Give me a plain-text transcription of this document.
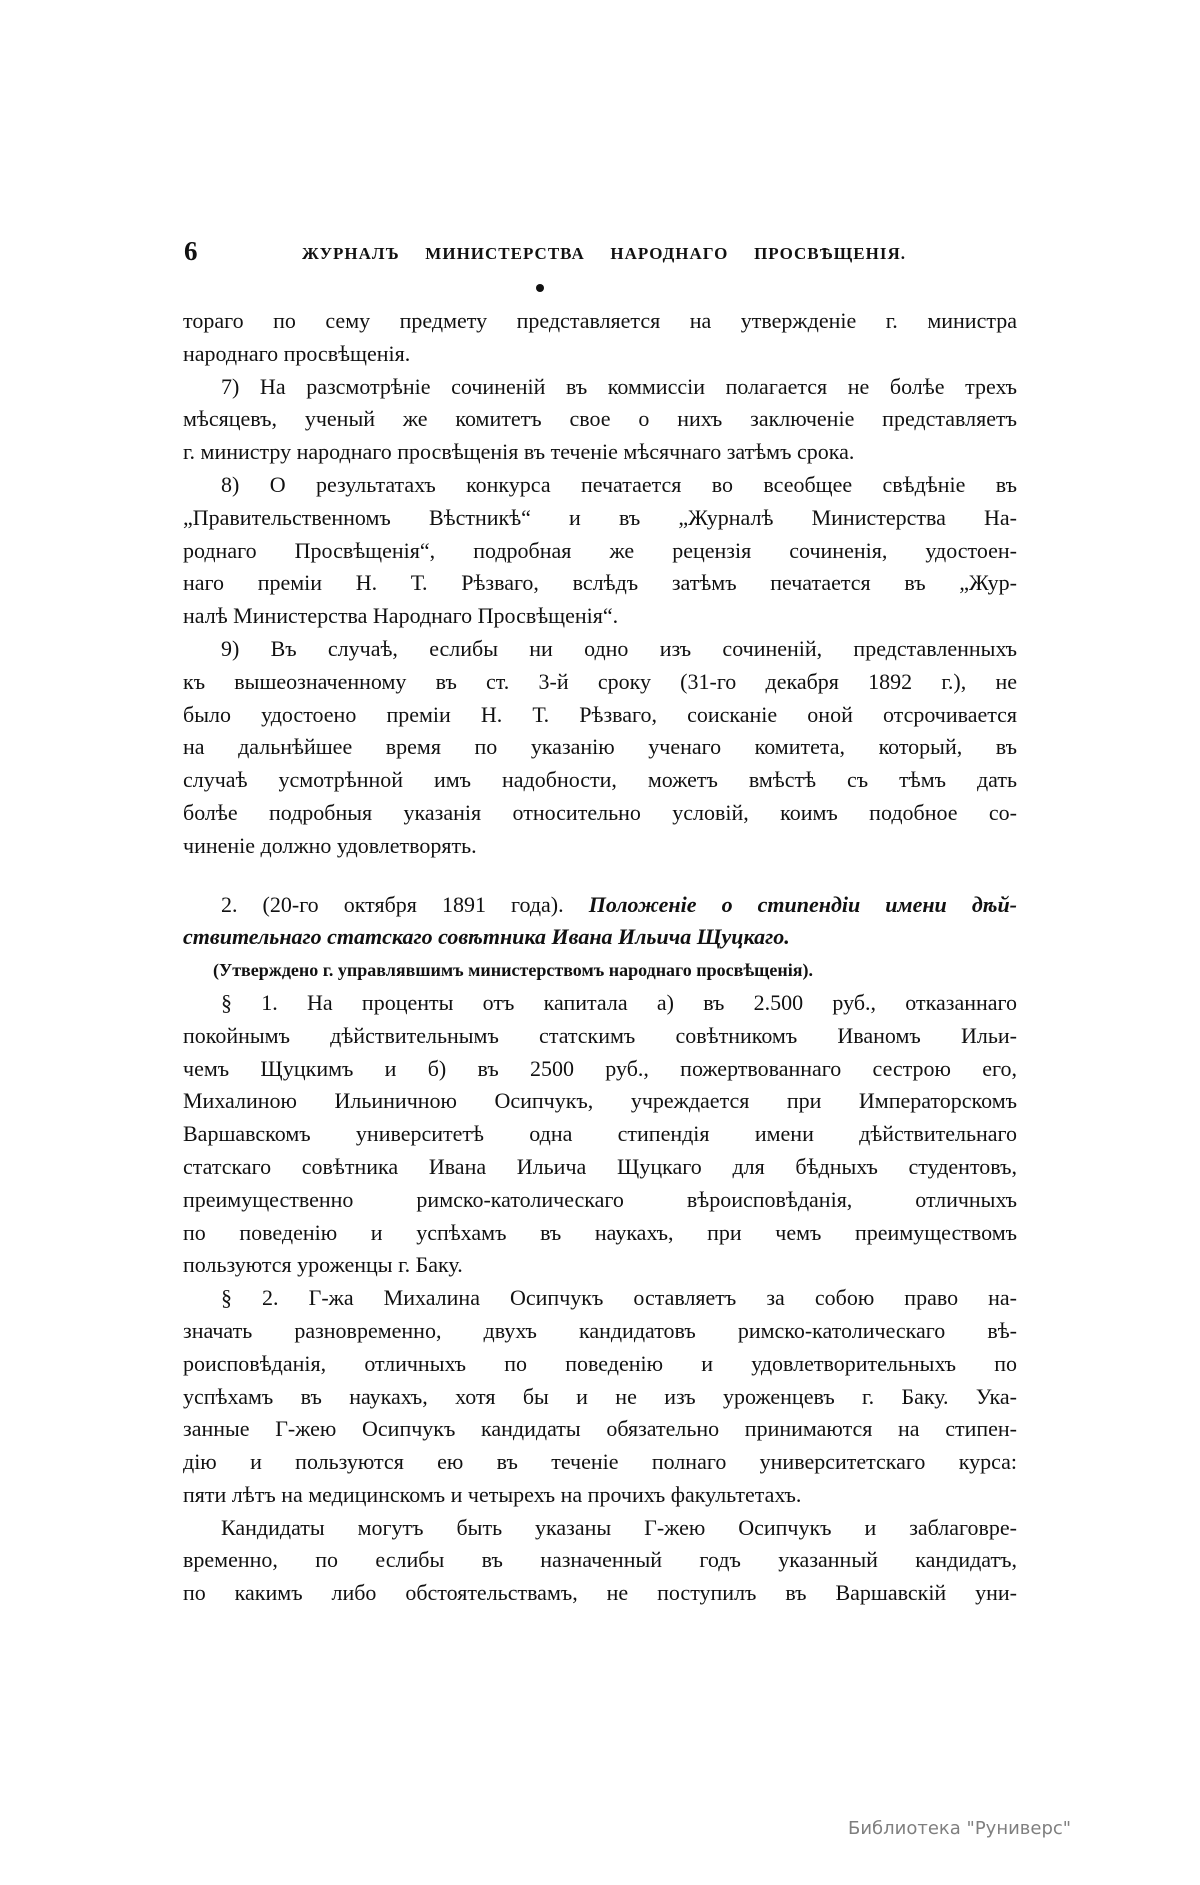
6	ЖУРНАЛЪ МИНИСТЕРСТВА НАРОДНАГО ПРОСВѢЩЕНІЯ.
тораго по сему предмету представляется на утвержденіе г. министра
народнаго просвѣщенія.
7) На разсмотрѣніе сочиненій въ коммиссіи полагается не болѣе трехъ
мѣсяцевъ, ученый же комитетъ свое о нихъ заключеніе представляетъ
г. министру народнаго просвѣщенія въ теченіе мѣсячнаго затѣмъ срока.
8) О результатахъ конкурса печатается во всеобщее свѣдѣніе въ
„Правительственномъ Вѣстникѣ“ и въ „Журналѣ Министерства На-
роднаго Просвѣщенія“, подробная же рецензія сочиненія, удостоен-
наго преміи Н. Т. Рѣзваго, вслѣдъ затѣмъ печатается въ „Жур-
налѣ Министерства Народнаго Просвѣщенія“.
9) Въ случаѣ, еслибы ни одно изъ сочиненій, представленныхъ
къ вышеозначенному въ ст. 3-й сроку (31-го декабря 1892 г.), не
было удостоено преміи Н. Т. Рѣзваго, соисканіе оной отсрочивается
на дальнѣйшее время по указанію ученаго комитета, который, въ
случаѣ усмотрѣнной имъ надобности, можетъ вмѣстѣ съ тѣмъ дать
болѣе подробныя указанія относительно условій, коимъ подобное со-
чиненіе должно удовлетворять.
2. (20-го октября 1891 года). Положеніе о стипендіи имени дѣй-
ствительнаго статскаго совѣтника Ивана Ильича Щуцкаго.
(Утверждено г. управлявшимъ министерствомъ народнаго просвѣщенія).
§ 1. На проценты отъ капитала а) въ 2.500 руб., отказаннаго
покойнымъ дѣйствительнымъ статскимъ совѣтникомъ Иваномъ Ильи-
чемъ Щуцкимъ и б) въ 2500 руб., пожертвованнаго сестрою его,
Михалиною Ильиничною Осипчукъ, учреждается при Императорскомъ
Варшавскомъ университетѣ одна стипендія имени дѣйствительнаго
статскаго совѣтника Ивана Ильича Щуцкаго для бѣдныхъ студентовъ,
преимущественно римско-католическаго вѣроисповѣданія, отличныхъ
по поведенію и успѣхамъ въ наукахъ, при чемъ преимуществомъ
пользуются уроженцы г. Баку.
§ 2. Г-жа Михалина Осипчукъ оставляетъ за собою право на-
значать разновременно, двухъ кандидатовъ римско-католическаго вѣ-
роисповѣданія, отличныхъ по поведенію и удовлетворительныхъ по
успѣхамъ въ наукахъ, хотя бы и не изъ уроженцевъ г. Баку. Ука-
занные Г-жею Осипчукъ кандидаты обязательно принимаются на стипен-
дію и пользуются ею въ теченіе полнаго университетскаго курса:
пяти лѣтъ на медицинскомъ и четырехъ на прочихъ факультетахъ.
Кандидаты могутъ быть указаны Г-жею Осипчукъ и заблаговре-
временно, по еслибы въ назначенный годъ указанный кандидатъ,
по какимъ либо обстоятельствамъ, не поступилъ въ Варшавскій уни-
Библиотека "Руниверс"
